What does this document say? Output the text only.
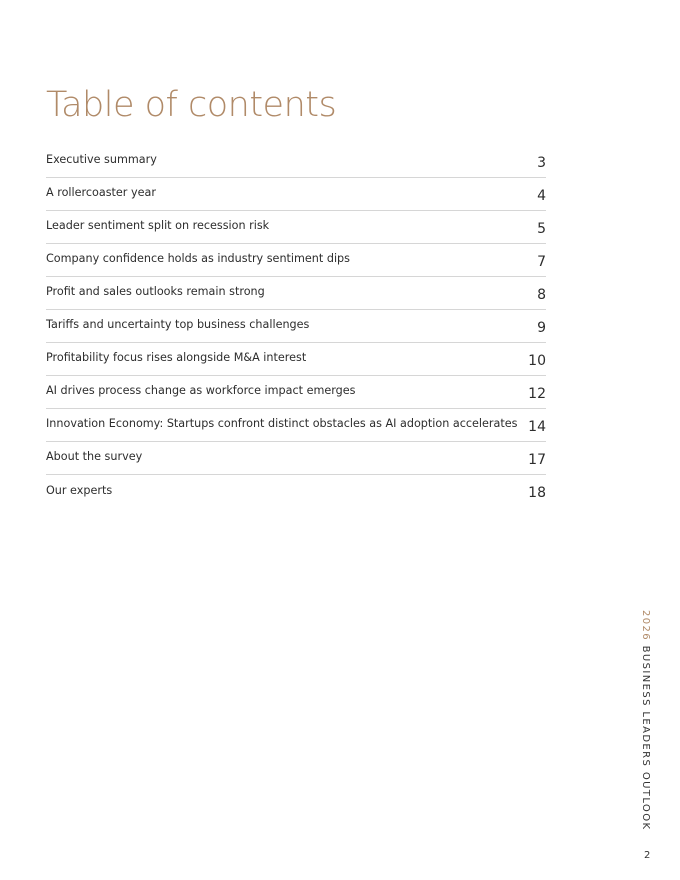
Table of contents
Executive summary	3
A rollercoaster year	4
Leader sentiment split on recession risk	5
Company confidence holds as industry sentiment dips	7
Profit and sales outlooks remain strong	8
Tariffs and uncertainty top business challenges	9
Profitability focus rises alongside M&A interest	10
AI drives process change as workforce impact emerges	12
Innovation Economy: Startups confront distinct obstacles as AI adoption accelerates 14
About the survey	17
Our experts	18
2026 BUSINESS LEADERS OUTLOOK
2
